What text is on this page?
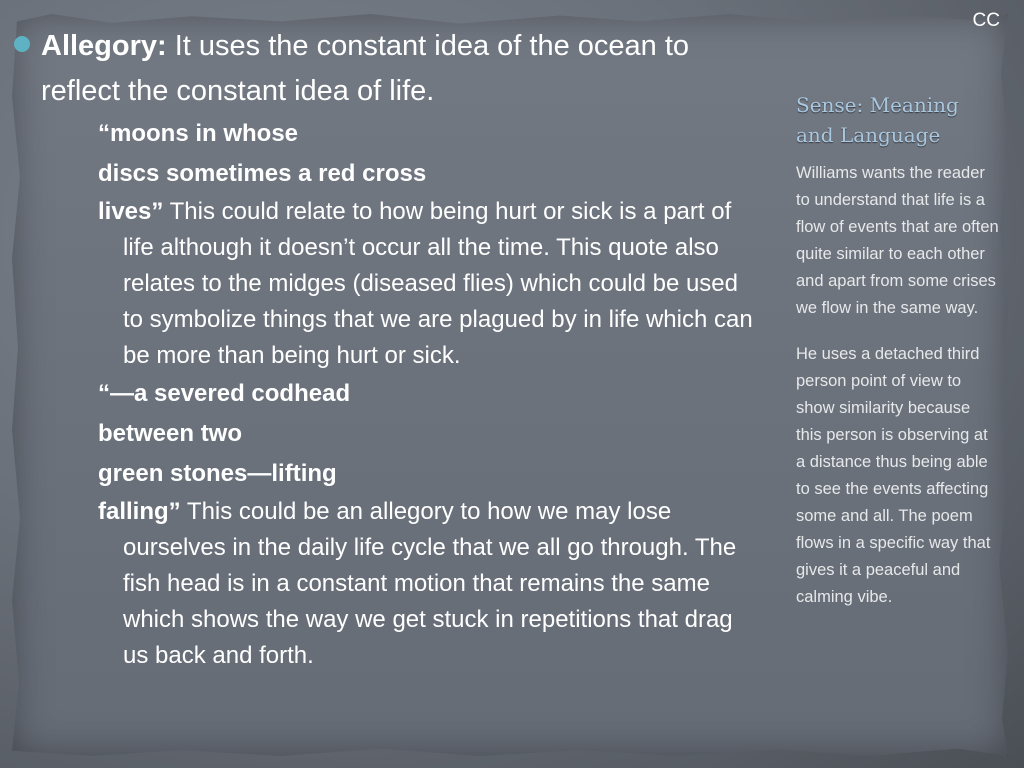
CC
Allegory: It uses the constant idea of the ocean to reflect the constant idea of life.
“moons in whose
discs sometimes a red cross
lives” This could relate to how being hurt or sick is a part of life although it doesn’t occur all the time. This quote also relates to the midges (diseased flies) which could be used to symbolize things that we are plagued by in life which can be more than being hurt or sick.
“—a severed codhead
between two
green stones—lifting
falling” This could be an allegory to how we may lose ourselves in the daily life cycle that we all go through. The fish head is in a constant motion that remains the same which shows the way we get stuck in repetitions that drag us back and forth.
Sense: Meaning and Language

Williams wants the reader to understand that life is a flow of events that are often quite similar to each other and apart from some crises we flow in the same way.

He uses a detached third person point of view to show similarity because this person is observing at a distance thus being able to see the events affecting some and all. The poem flows in a specific way that gives it a peaceful and calming vibe.
